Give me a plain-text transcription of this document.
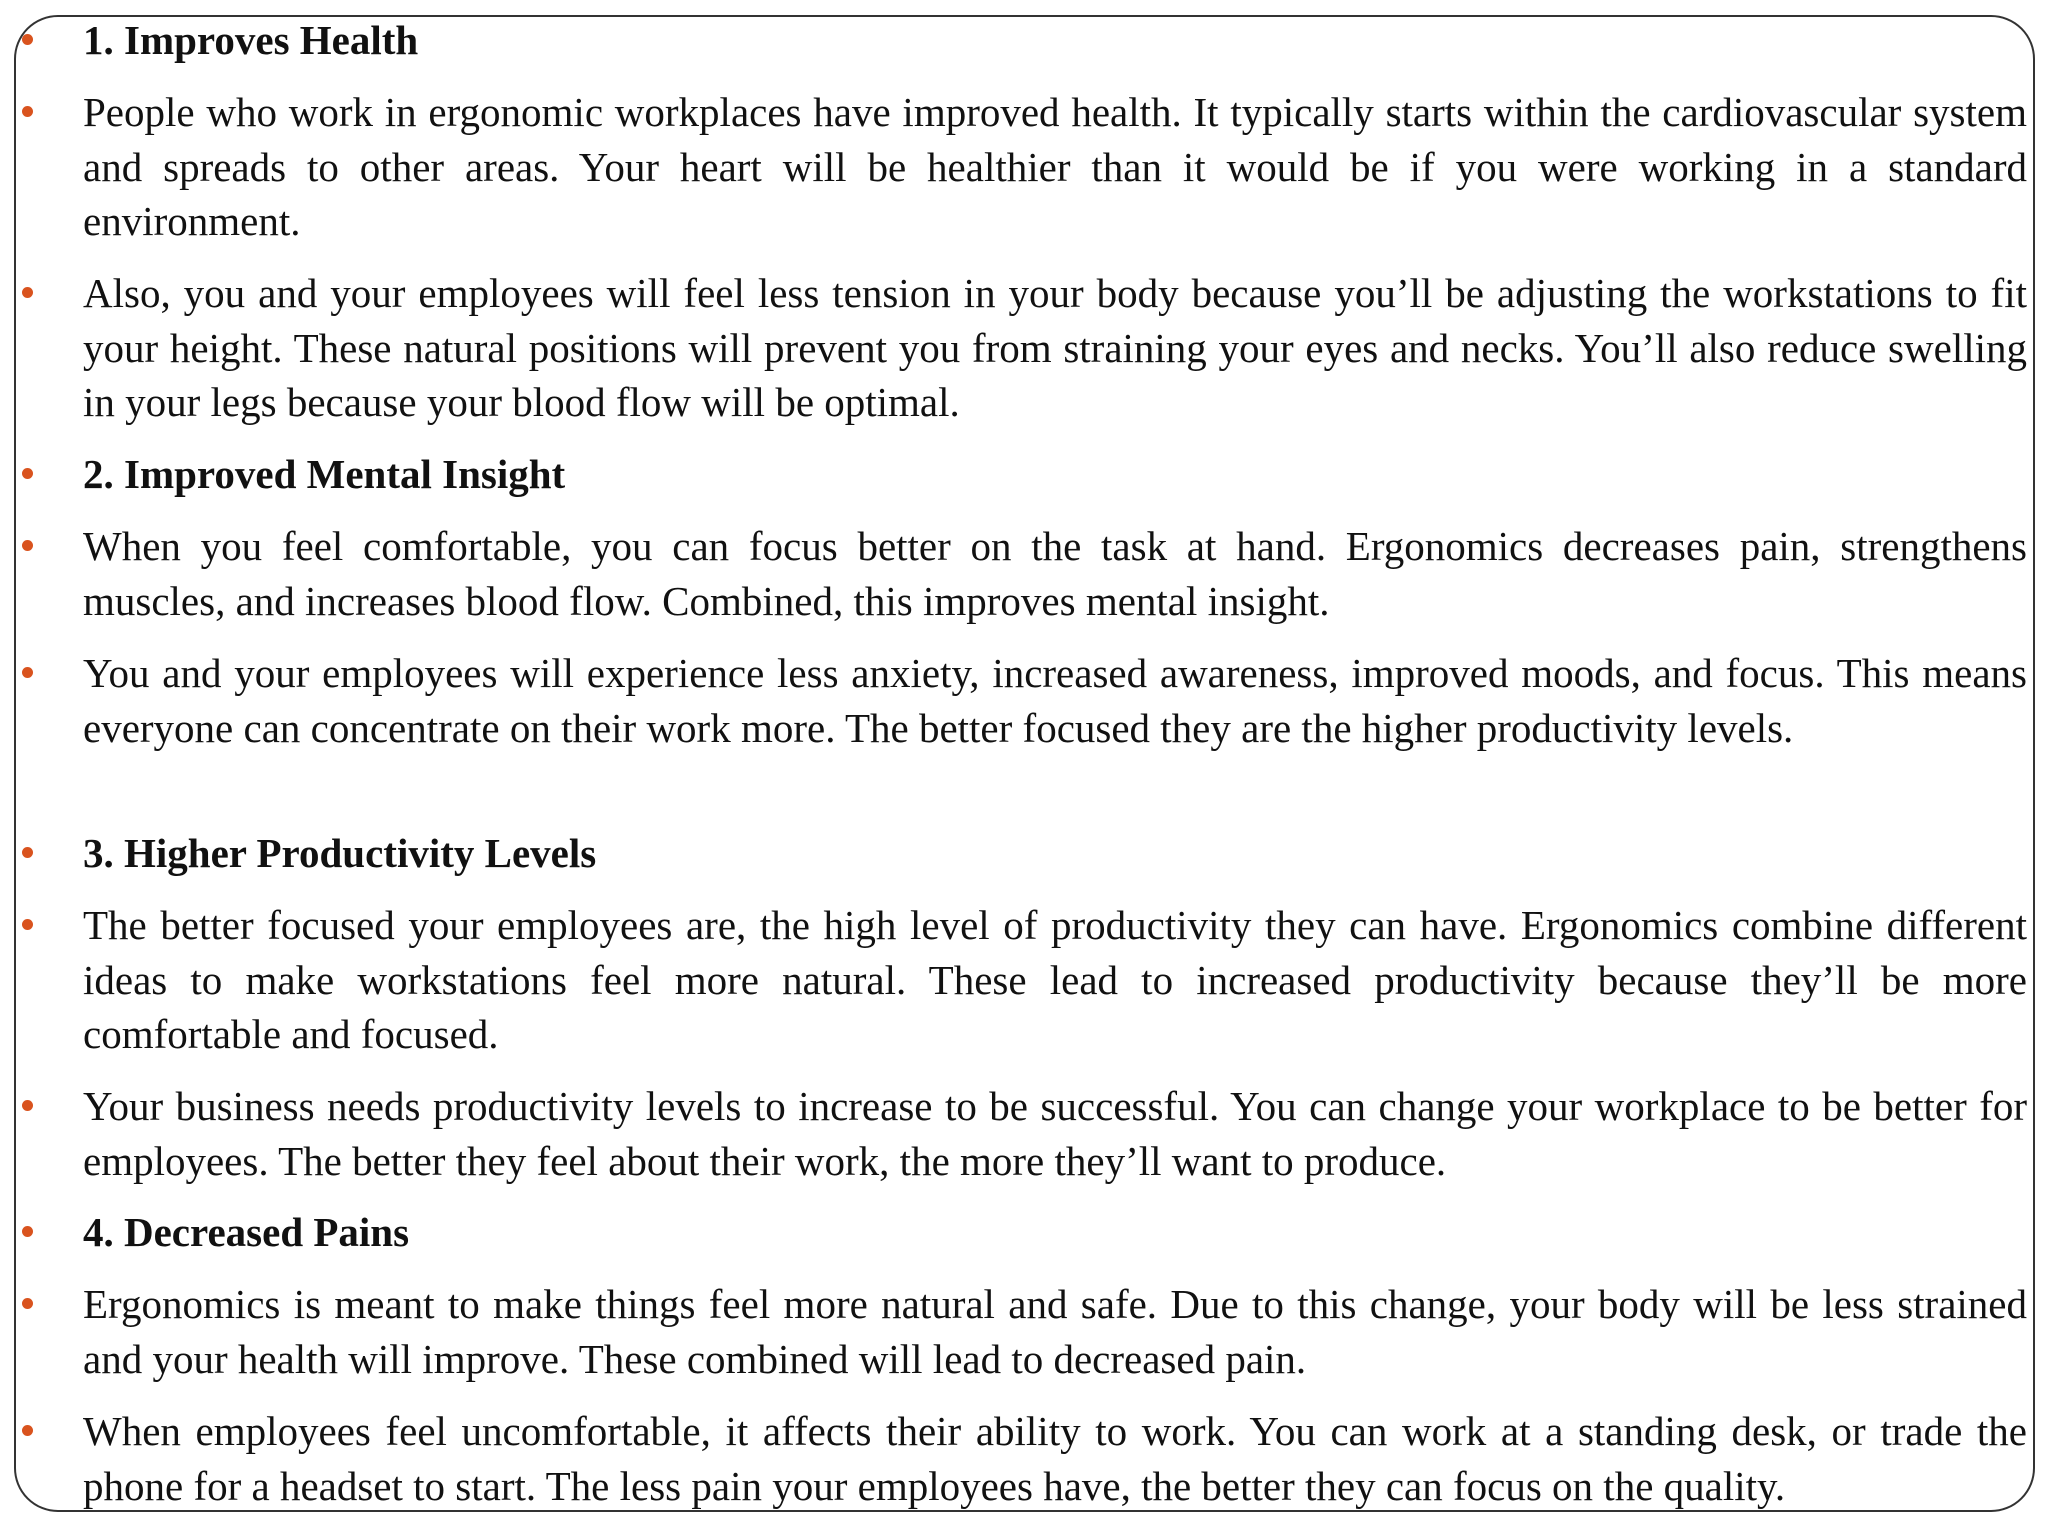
1. Improves Health

People who work in ergonomic workplaces have improved health. It typically starts within the cardiovascular system and spreads to other areas. Your heart will be healthier than it would be if you were working in a standard environment.

Also, you and your employees will feel less tension in your body because you’ll be adjusting the workstations to fit your height. These natural positions will prevent you from straining your eyes and necks. You’ll also reduce swelling in your legs because your blood flow will be optimal.

2. Improved Mental Insight

When you feel comfortable, you can focus better on the task at hand. Ergonomics decreases pain, strengthens muscles, and increases blood flow. Combined, this improves mental insight.

You and your employees will experience less anxiety, increased awareness, improved moods, and focus. This means everyone can concentrate on their work more. The better focused they are the higher productivity levels.

3. Higher Productivity Levels

The better focused your employees are, the high level of productivity they can have. Ergonomics combine different ideas to make workstations feel more natural. These lead to increased productivity because they’ll be more comfortable and focused.

Your business needs productivity levels to increase to be successful. You can change your workplace to be better for employees. The better they feel about their work, the more they’ll want to produce.

4. Decreased Pains

Ergonomics is meant to make things feel more natural and safe. Due to this change, your body will be less strained and your health will improve. These combined will lead to decreased pain.

When employees feel uncomfortable, it affects their ability to work. You can work at a standing desk, or trade the phone for a headset to start. The less pain your employees have, the better they can focus on the quality.
